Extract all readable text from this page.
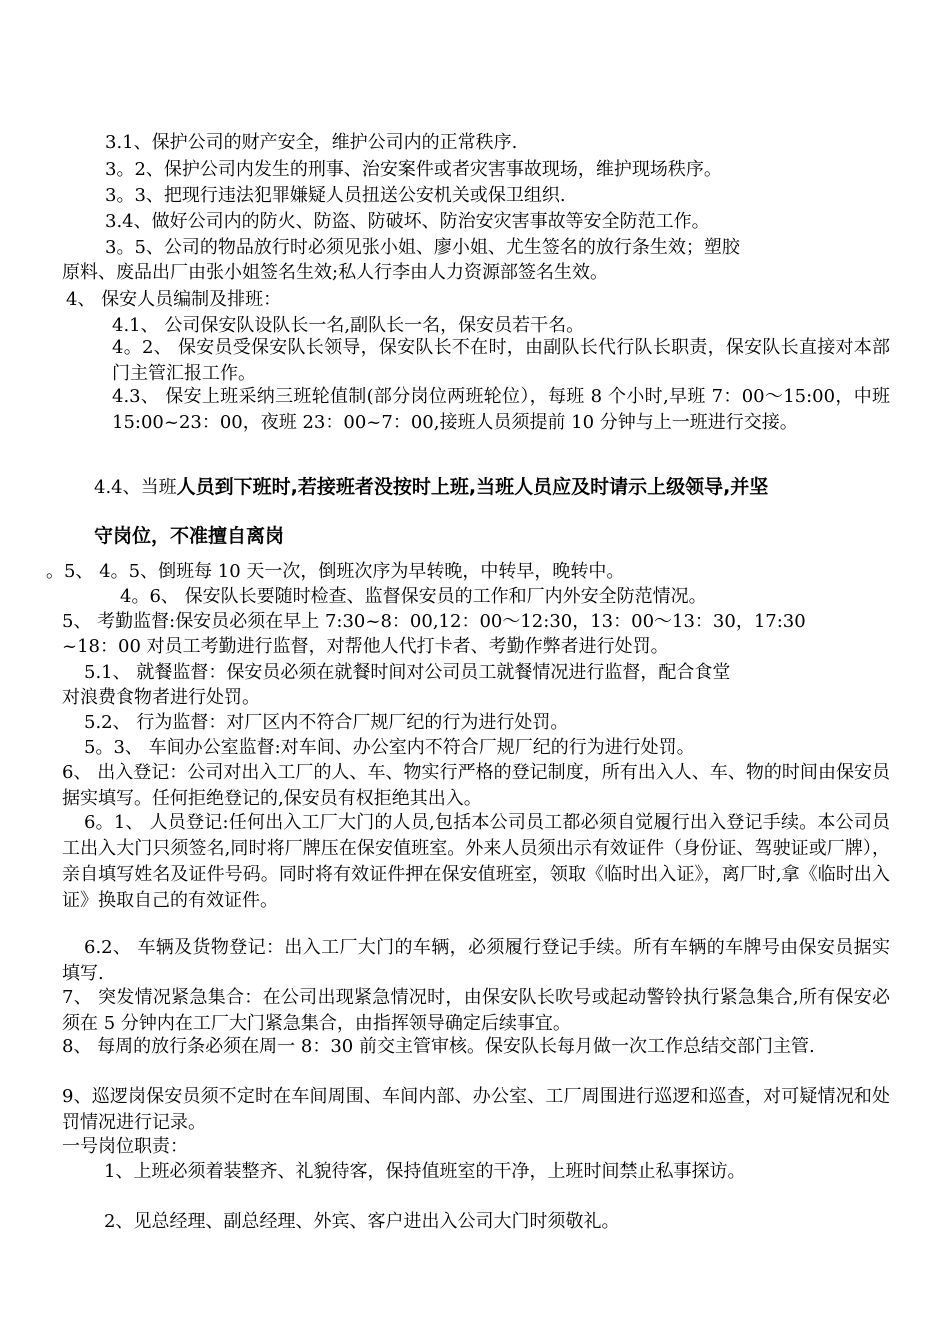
3.1、保护公司的财产安全，维护公司内的正常秩序.

3。2、保护公司内发生的刑事、治安案件或者灾害事故现场，维护现场秩序。

3。3、把现行违法犯罪嫌疑人员扭送公安机关或保卫组织.

3.4、做好公司内的防火、防盗、防破坏、防治安灾害事故等安全防范工作。

3。5、公司的物品放行时必须见张小姐、廖小姐、尤生签名的放行条生效；塑胶

原料、废品出厂由张小姐签名生效;私人行李由人力资源部签名生效。

4、 保安人员编制及排班：

4.1、 公司保安队设队长一名,副队长一名，保安员若干名。

4。2、 保安员受保安队长领导，保安队长不在时，由副队长代行队长职责，保安队长直接对本部门主管汇报工作。

4.3、 保安上班采纳三班轮值制(部分岗位两班轮位），每班 8 个小时,早班 7：00～15:00，中班 15:00~23：00，夜班 23：00~7：00,接班人员须提前 10 分钟与上一班进行交接。

4.4、当班人员到下班时,若接班者没按时上班,当班人员应及时请示上级领导,并坚

守岗位，不准擅自离岗

。5、 4。5、倒班每 10 天一次，倒班次序为早转晚，中转早，晚转中。

4。6、 保安队长要随时检查、监督保安员的工作和厂内外安全防范情况。

5、 考勤监督:保安员必须在早上 7:30~8：00,12：00～12:30，13：00～13：30，17:30

~18：00 对员工考勤进行监督，对帮他人代打卡者、考勤作弊者进行处罚。

5.1、 就餐监督：保安员必须在就餐时间对公司员工就餐情况进行监督，配合食堂

对浪费食物者进行处罚。

5.2、 行为监督：对厂区内不符合厂规厂纪的行为进行处罚。

5。3、 车间办公室监督:对车间、办公室内不符合厂规厂纪的行为进行处罚。

6、 出入登记：公司对出入工厂的人、车、物实行严格的登记制度，所有出入人、车、物的时间由保安员据实填写。任何拒绝登记的,保安员有权拒绝其出入。

6。1、 人员登记:任何出入工厂大门的人员,包括本公司员工都必须自觉履行出入登记手续。本公司员工出入大门只须签名,同时将厂牌压在保安值班室。外来人员须出示有效证件（身份证、驾驶证或厂牌），亲自填写姓名及证件号码。同时将有效证件押在保安值班室，领取《临时出入证》，离厂时,拿《临时出入证》换取自己的有效证件。

6.2、 车辆及货物登记：出入工厂大门的车辆，必须履行登记手续。所有车辆的车牌号由保安员据实填写.

7、 突发情况紧急集合：在公司出现紧急情况时，由保安队长吹号或起动警铃执行紧急集合,所有保安必须在 5 分钟内在工厂大门紧急集合，由指挥领导确定后续事宜。

8、 每周的放行条必须在周一 8：30 前交主管审核。保安队长每月做一次工作总结交部门主管.

9、巡逻岗保安员须不定时在车间周围、车间内部、办公室、工厂周围进行巡逻和巡查，对可疑情况和处罚情况进行记录。

一号岗位职责：

1、上班必须着装整齐、礼貌待客，保持值班室的干净，上班时间禁止私事探访。

2、见总经理、副总经理、外宾、客户进出入公司大门时须敬礼。
